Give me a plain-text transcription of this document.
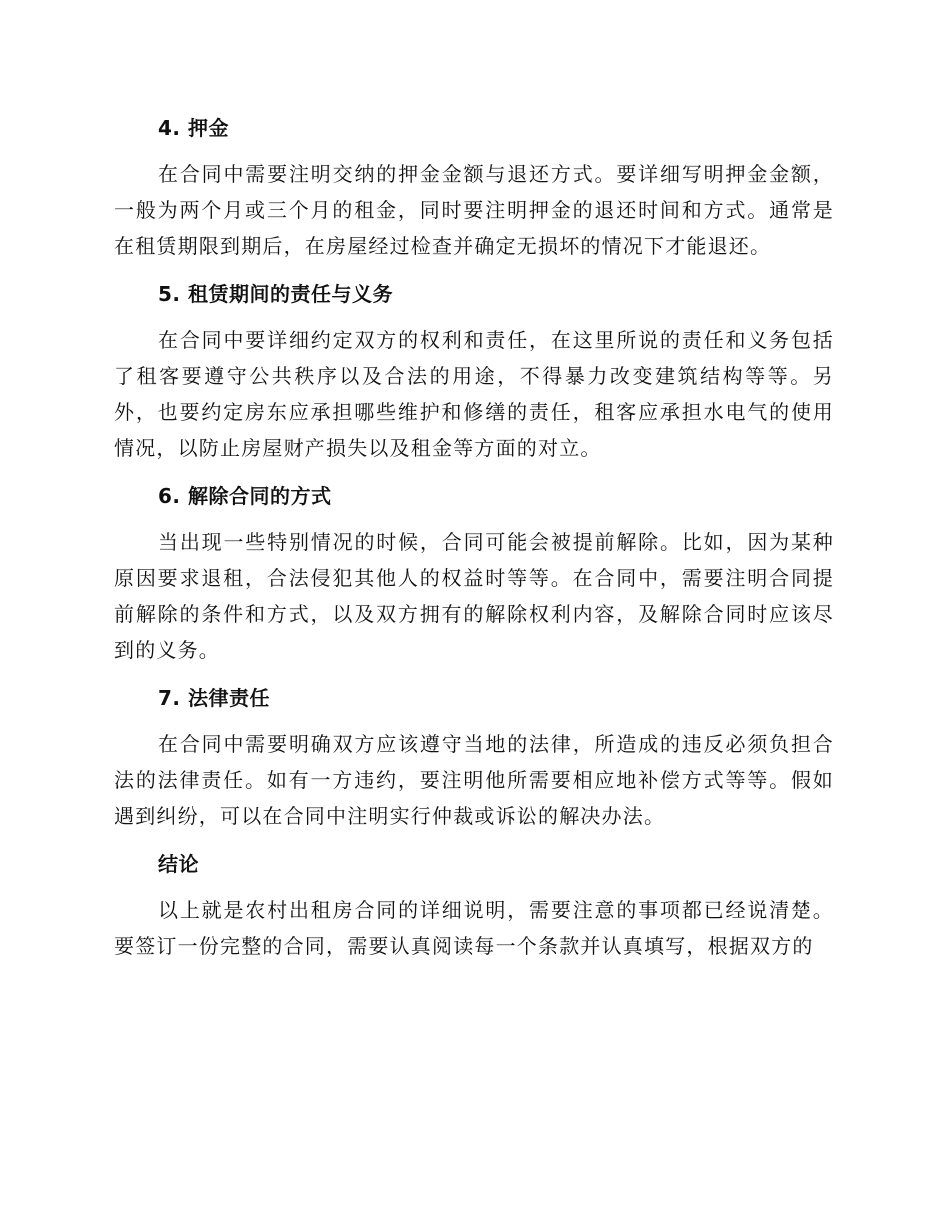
4. 押金

在合同中需要注明交纳的押金金额与退还方式。要详细写明押金金额，一般为两个月或三个月的租金，同时要注明押金的退还时间和方式。通常是在租赁期限到期后，在房屋经过检查并确定无损坏的情况下才能退还。

5. 租赁期间的责任与义务

在合同中要详细约定双方的权利和责任，在这里所说的责任和义务包括了租客要遵守公共秩序以及合法的用途，不得暴力改变建筑结构等等。另外，也要约定房东应承担哪些维护和修缮的责任，租客应承担水电气的使用情况，以防止房屋财产损失以及租金等方面的对立。

6. 解除合同的方式

当出现一些特别情况的时候，合同可能会被提前解除。比如，因为某种原因要求退租，合法侵犯其他人的权益时等等。在合同中，需要注明合同提前解除的条件和方式，以及双方拥有的解除权利内容，及解除合同时应该尽到的义务。

7. 法律责任

在合同中需要明确双方应该遵守当地的法律，所造成的违反必须负担合法的法律责任。如有一方违约，要注明他所需要相应地补偿方式等等。假如遇到纠纷，可以在合同中注明实行仲裁或诉讼的解决办法。

结论

以上就是农村出租房合同的详细说明，需要注意的事项都已经说清楚。要签订一份完整的合同，需要认真阅读每一个条款并认真填写，根据双方的
